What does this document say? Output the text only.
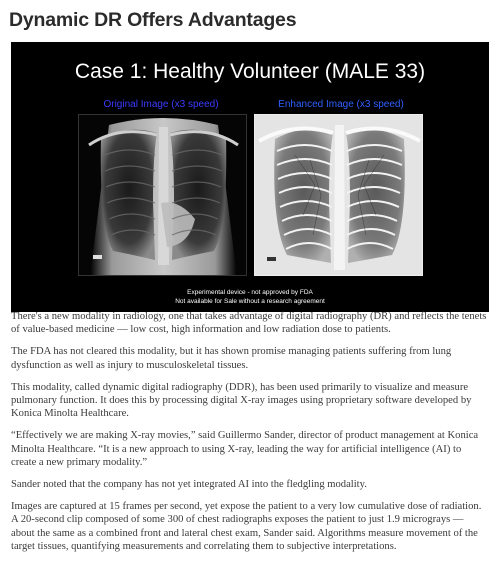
Dynamic DR Offers Advantages
Case 1: Healthy Volunteer (MALE 33)
Original Image (x3 speed)	Enhanced Image (x3 speed)
Experimental device - not approved by FDA
Not available for Sale without a research agreement

There's a new modality in radiology, one that takes advantage of digital radiography (DR) and reflects the tenets of value-based medicine — low cost, high information and low radiation dose to patients.

The FDA has not cleared this modality, but it has shown promise managing patients suffering from lung dysfunction as well as injury to musculoskeletal tissues.

This modality, called dynamic digital radiography (DDR), has been used primarily to visualize and measure pulmonary function. It does this by processing digital X-ray images using proprietary software developed by Konica Minolta Healthcare.

“Effectively we are making X-ray movies,” said Guillermo Sander, director of product management at Konica Minolta Healthcare. “It is a new approach to using X-ray, leading the way for artificial intelligence (AI) to create a new primary modality.”

Sander noted that the company has not yet integrated AI into the fledgling modality.

Images are captured at 15 frames per second, yet expose the patient to a very low cumulative dose of radiation. A 20-second clip composed of some 300 of chest radiographs exposes the patient to just 1.9 micrograys — about the same as a combined front and lateral chest exam, Sander said. Algorithms measure movement of the target tissues, quantifying measurements and correlating them to subjective interpretations.
